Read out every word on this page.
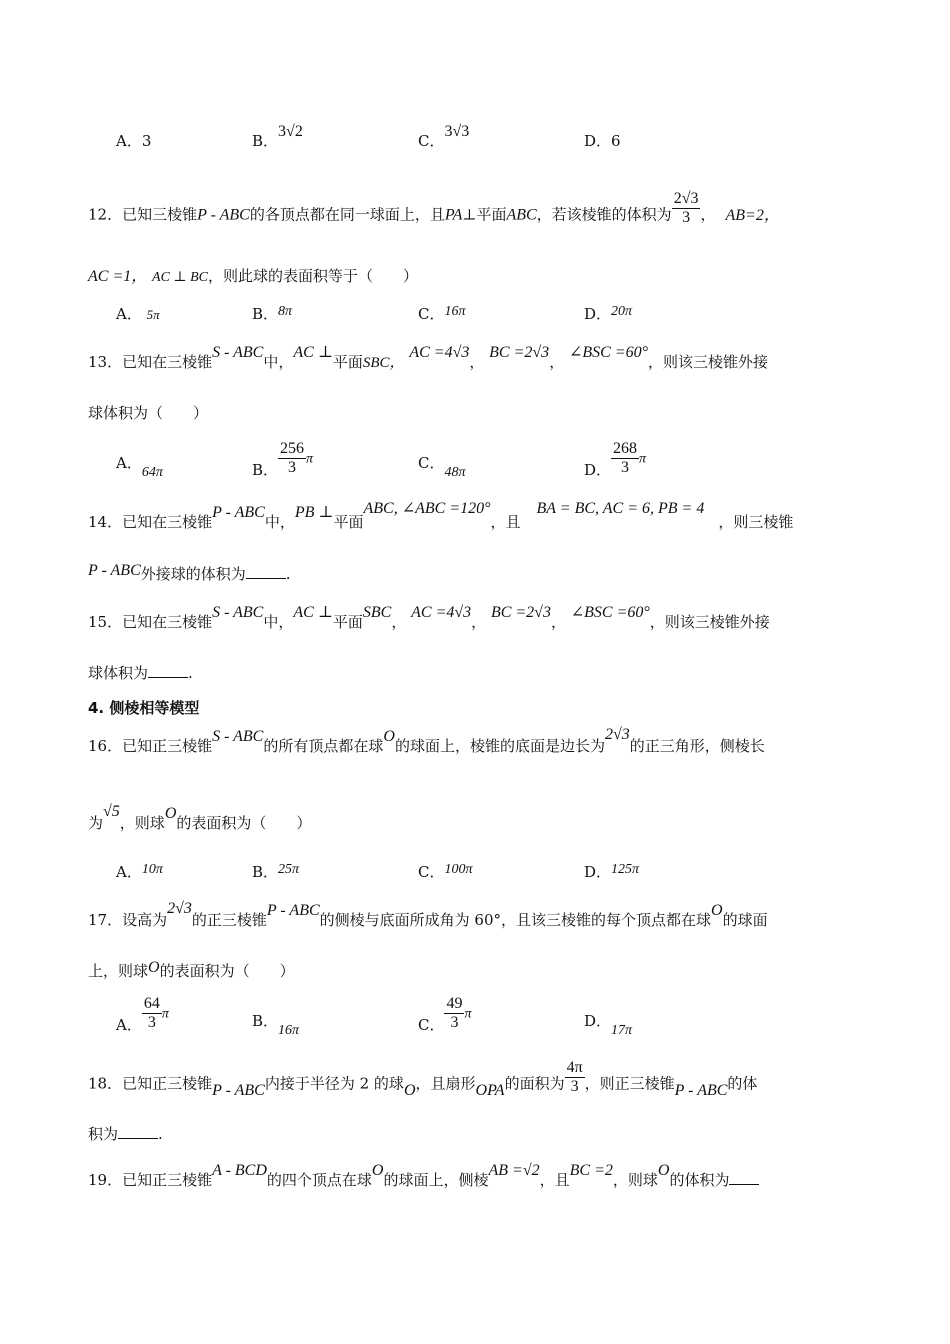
A．3	B．3√2
C．3√3
D．6
12．已知三棱锥P - ABC的各顶点都在同一球面上，且PA⊥平面ABC，若该棱锥的体积为 $\frac{2√3}{3}$ ， AB=2，
AC =1， AC ⊥ BC，则此球的表面积等于（　　）
A． 5π	B．8π	C．16π	D．20π
13．已知在三棱锥S - ABC中，AC ⊥平面SBC， AC =4√3， BC =2√3， ∠BSC =60°，则该三棱锥外接
球体积为（　　）
A．64π	B． $\frac{256}{3}$ π	C．48π	D． $\frac{268}{3}$ π
14．已知在三棱锥P - ABC中，PB ⊥平面ABC, ∠ABC =120°，且BA = BC, AC = 6, PB = 4，则三棱锥
P - ABC外接球的体积为	.
15．已知在三棱锥S - ABC中，AC ⊥平面SBC， AC =4√3， BC =2√3， ∠BSC =60°，则该三棱锥外接
球体积为	.
4. 侧棱相等模型
16．已知正三棱锥S - ABC的所有顶点都在球O的球面上，棱锥的底面是边长为2√3的正三角形，侧棱长
为√5，则球O的表面积为（　　）
A．10π	B．25π	C．100π	D．125π
17．设高为2√3的正三棱锥P - ABC的侧棱与底面所成角为 60°，且该三棱锥的每个顶点都在球O的球面
上，则球O的表面积为（　　）
A． $\frac{64}{3}$ π	B．16π	C． $\frac{49}{3}$ π	D．17π
18．已知正三棱锥P - ABC内接于半径为 2 的球O，且扇形OPA的面积为 $\frac{4\pi}{3}$ ，则正三棱锥P - ABC的体
积为	.
19．已知正三棱锥A - BCD的四个顶点在球O的球面上，侧棱AB =√2，且BC =2，则球O的体积为
